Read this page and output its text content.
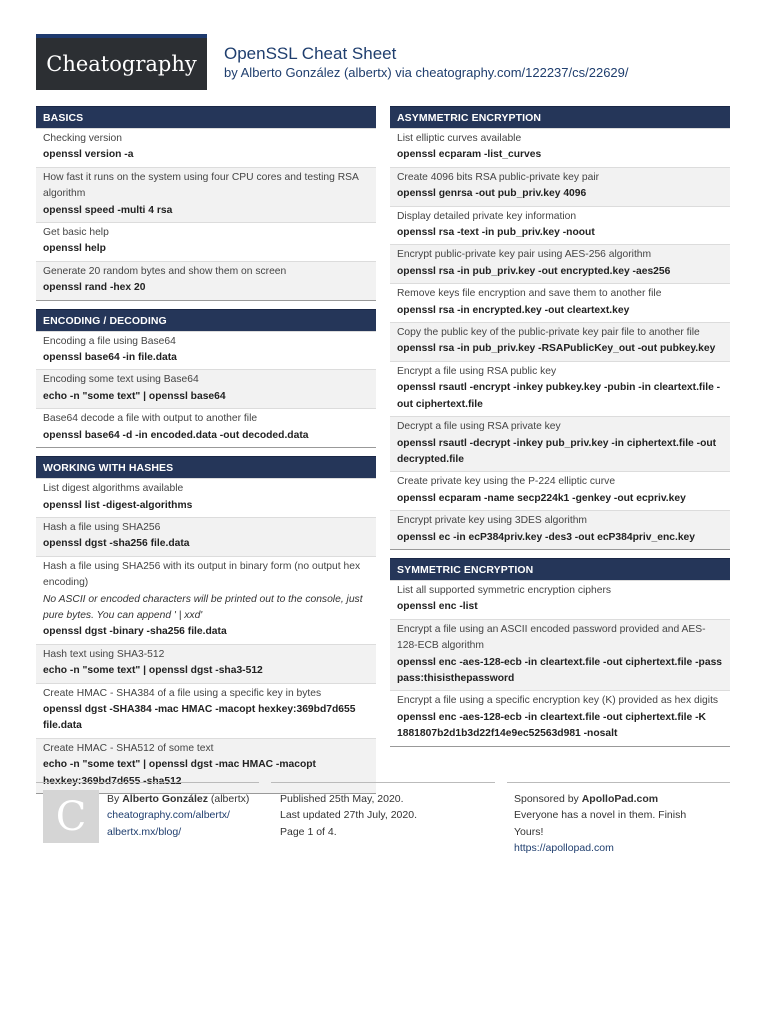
Cheatography	OpenSSL Cheat Sheet
by Alberto González (albertx) via cheatography.com/122237/cs/22629/
BASICS
Checking version
openssl version -a
How fast it runs on the system using four CPU cores and testing RSA algorithm
openssl speed -multi 4 rsa
Get basic help
openssl help
Generate 20 random bytes and show them on screen
openssl rand -hex 20
ENCODING / DECODING
Encoding a file using Base64
openssl base64 -in file.data
Encoding some text using Base64
echo -n "some text" | openssl base64
Base64 decode a file with output to another file
openssl base64 -d -in encoded.data -out decoded.data
WORKING WITH HASHES
List digest algorithms available
openssl list -digest-algorithms
Hash a file using SHA256
openssl dgst -sha256 file.data
Hash a file using SHA256 with its output in binary form (no output hex encoding)
No ASCII or encoded characters will be printed out to the console, just pure bytes. You can append ' | xxd'
openssl dgst -binary -sha256 file.data
Hash text using SHA3-512
echo -n "some text" | openssl dgst -sha3-512
Create HMAC - SHA384 of a file using a specific key in bytes
openssl dgst -SHA384 -mac HMAC -macopt hexkey:369bd7d655 file.data
Create HMAC - SHA512 of some text
echo -n "some text" | openssl dgst -mac HMAC -macopt
ASYMMETRIC ENCRYPTION
List elliptic curves available
openssl ecparam -list_curves
Create 4096 bits RSA public-private key pair
openssl genrsa -out pub_priv.key 4096
Display detailed private key information
openssl rsa -text -in pub_priv.key -noout
Encrypt public-private key pair using AES-256 algorithm
openssl rsa -in pub_priv.key -out encrypted.key -aes256
Remove keys file encryption and save them to another file
openssl rsa -in encrypted.key -out cleartext.key
Copy the public key of the public-private key pair file to another file
openssl rsa -in pub_priv.key -RSAPublicKey_out -out pubkey.key
Encrypt a file using RSA public key
openssl rsautl -encrypt -inkey pubkey.key -pubin -in cleartext.file -out ciphertext.file
Decrypt a file using RSA private key
openssl rsautl -decrypt -inkey pub_priv.key -in ciphertext.file -out decrypted.file
Create private key using the P-224 elliptic curve
openssl ecparam -name secp224k1 -genkey -out ecpriv.key
Encrypt private key using 3DES algorithm
openssl ec -in ecP384priv.key -des3 -out ecP384priv_enc.key
SYMMETRIC ENCRYPTION
List all supported symmetric encryption ciphers
openssl enc -list
Encrypt a file using an ASCII encoded password provided and AES-128-ECB algorithm
openssl enc -aes-128-ecb -in cleartext.file -out ciphertext.file -pass pass:thisisthepassword
Encrypt a file using a specific encryption key (K) provided as hex digits
openssl enc -aes-128-ecb -in cleartext.file -out ciphertext.file -K 1881807b2d1b3d22f14e9ec52563d981 -nosalt
C	By Alberto González (albertx)
cheatography.com/albertx/
albertx.mx/blog/
Published 25th May, 2020.
Last updated 27th July, 2020.
Page 1 of 4.
Sponsored by ApolloPad.com
Everyone has a novel in them. Finish Yours!
https://apollopad.com
